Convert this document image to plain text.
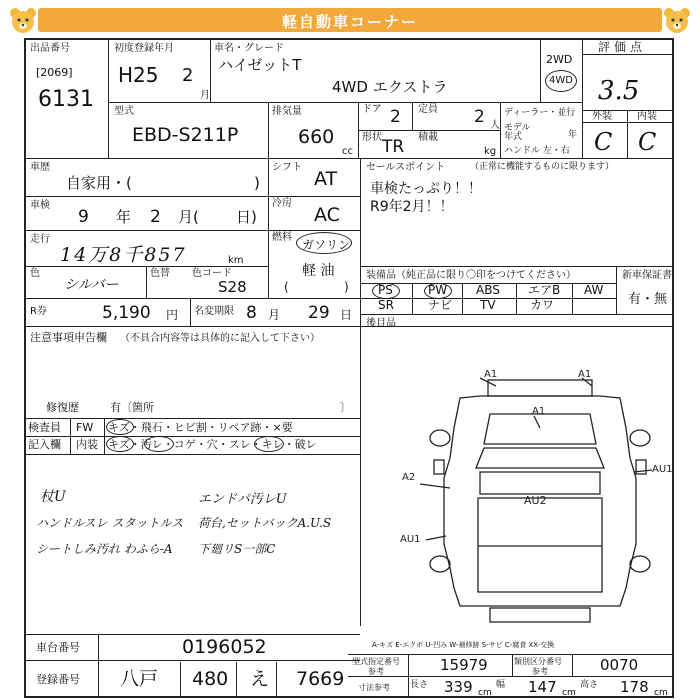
軽自動車コーナー
出品番号
[2069]
6131
初度登録年月
H25 2
月
車名・グレード
ハイゼットT
4WD エクストラ
2WD
4WD
評価点
3.5
型式
EBD-S211P
排気量
660
cc
ドア 2 定員 2 人
形状 TR 積載
kg
ディーラー・並行
モデル年式	年
ハンドル 左・右
外装	内装
C C
車歴
自家用・(	)
シフト
AT
車検
9 年 2 月( 日)
冷房
AC
走行
14万8千857	km
燃料
ガソリン
軽 油
(	)
色
シルバー
色替 色コード
S28
R券	5,190 円 名変期限 8 月 29 日
セールスポイント	（正常に機能するものに限ります）
車検たっぷり！！
R9年2月！！
装備品（純正品に限り〇印をつけてください）	新車保証書
有・無
PS	PW ABS エアB AW
SR	ナビ TV	カワ
後目品
注意事項申告欄 （不具合内容等は具体的に記入して下さい）
修復歴	有〔箇所	〕
検査員 FW キズ・飛石・ヒビ割・リペア跡・×要
記入欄 内装 キズ・汚レ・コゲ・穴・スレ・キレ・破レ
杖U	エンドパ汚レU
ハンドルスレ スタットルス 荷台,セットバックA.U.S
シートしみ汚れ わふら-A 下廻リS一部C
A1	A1
A1
A2
AU1
AU2
AU1
A-キズ E-エクボ U-凹み W-補修跡 S-サビ C-腐食 XX-交換
車台番号	0196052
登録番号 八戸 480 え 7669
型式指定番号
参考	15979	類別区分番号
参考	0070
寸法参考 長さ 339 cm
幅 147 cm
高さ 178 cm
